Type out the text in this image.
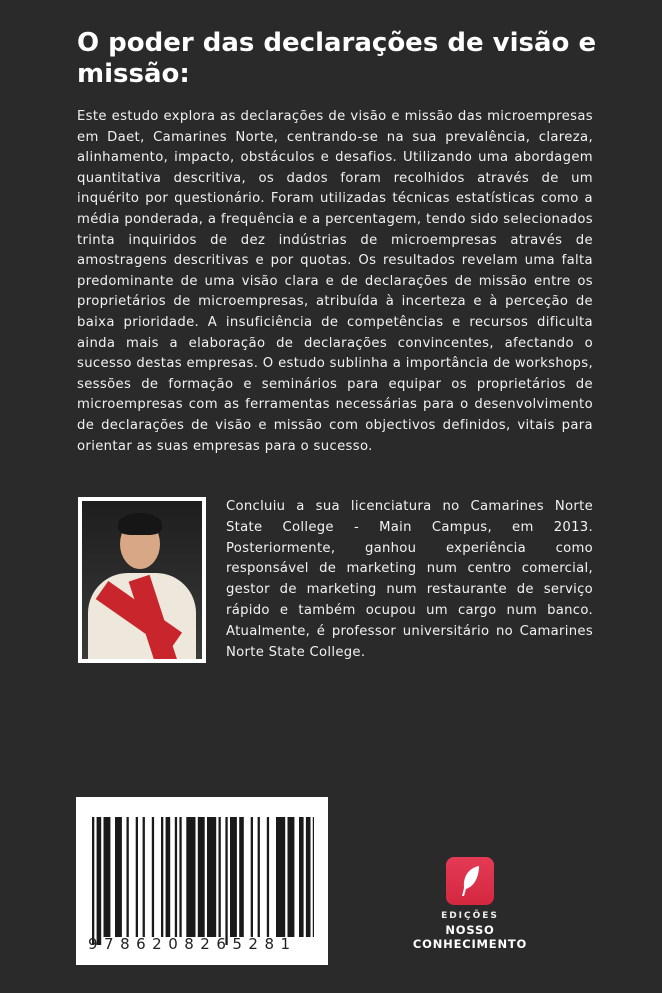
O poder das declarações de visão e missão:

Este estudo explora as declarações de visão e missão das microempresas em Daet, Camarines Norte, centrando-se na sua prevalência, clareza, alinhamento, impacto, obstáculos e desafios. Utilizando uma abordagem quantitativa descritiva, os dados foram recolhidos através de um inquérito por questionário. Foram utilizadas técnicas estatísticas como a média ponderada, a frequência e a percentagem, tendo sido selecionados trinta inquiridos de dez indústrias de microempresas através de amostragens descritivas e por quotas. Os resultados revelam uma falta predominante de uma visão clara e de declarações de missão entre os proprietários de microempresas, atribuída à incerteza e à perceção de baixa prioridade. A insuficiência de competências e recursos dificulta ainda mais a elaboração de declarações convincentes, afectando o sucesso destas empresas. O estudo sublinha a importância de workshops, sessões de formação e seminários para equipar os proprietários de microempresas com as ferramentas necessárias para o desenvolvimento de declarações de visão e missão com objectivos definidos, vitais para orientar as suas empresas para o sucesso.

Concluiu a sua licenciatura no Camarines Norte State College - Main Campus, em 2013. Posteriormente, ganhou experiência como responsável de marketing num centro comercial, gestor de marketing num restaurante de serviço rápido e também ocupou um cargo num banco. Atualmente, é professor universitário no Camarines Norte State College.

9786208265281
EDIÇÕES
NOSSO CONHECIMENTO
